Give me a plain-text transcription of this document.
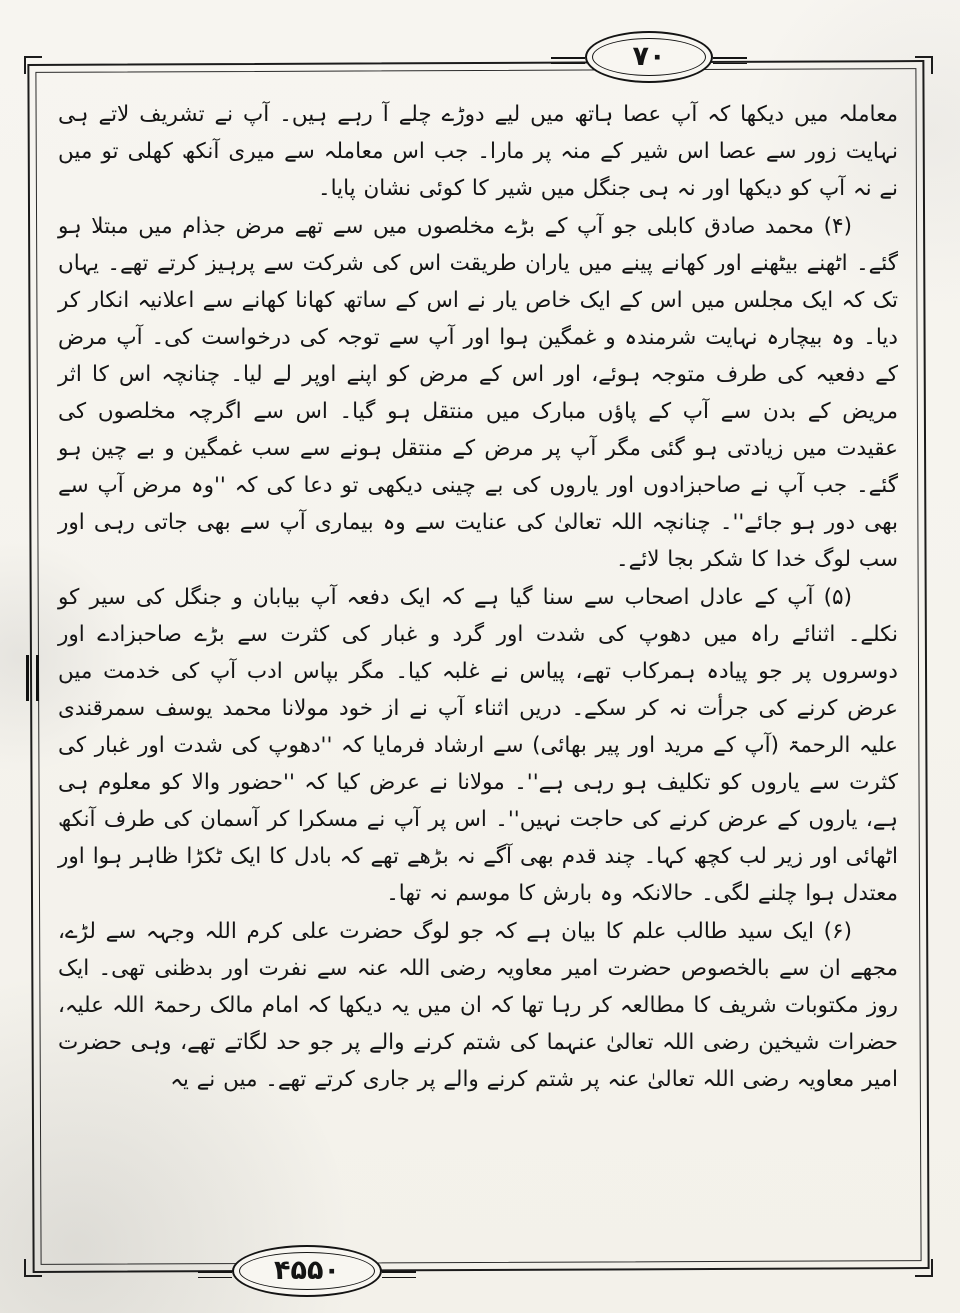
۷۰

معاملہ میں دیکھا کہ آپ عصا ہاتھ میں لیے دوڑے چلے آ رہے ہیں۔ آپ نے تشریف لاتے ہی نہایت زور سے عصا اس شیر کے منہ پر مارا۔ جب اس معاملہ سے میری آنکھ کھلی تو میں نے نہ آپ کو دیکھا اور نہ ہی جنگل میں شیر کا کوئی نشان پایا۔

(۴) محمد صادق کابلی جو آپ کے بڑے مخلصوں میں سے تھے مرض جذام میں مبتلا ہو گئے۔ اٹھنے بیٹھنے اور کھانے پینے میں یاران طریقت اس کی شرکت سے پرہیز کرتے تھے۔ یہاں تک کہ ایک مجلس میں اس کے ایک خاص یار نے اس کے ساتھ کھانا کھانے سے اعلانیہ انکار کر دیا۔ وہ بیچارہ نہایت شرمندہ و غمگین ہوا اور آپ سے توجہ کی درخواست کی۔ آپ مرض کے دفعیہ کی طرف متوجہ ہوئے، اور اس کے مرض کو اپنے اوپر لے لیا۔ چنانچہ اس کا اثر مریض کے بدن سے آپ کے پاؤں مبارک میں منتقل ہو گیا۔ اس سے اگرچہ مخلصوں کی عقیدت میں زیادتی ہو گئی مگر آپ پر مرض کے منتقل ہونے سے سب غمگین و بے چین ہو گئے۔ جب آپ نے صاحبزادوں اور یاروں کی بے چینی دیکھی تو دعا کی کہ ''وہ مرض آپ سے بھی دور ہو جائے''۔ چنانچہ اللہ تعالیٰ کی عنایت سے وہ بیماری آپ سے بھی جاتی رہی اور سب لوگ خدا کا شکر بجا لائے۔

(۵) آپ کے عادل اصحاب سے سنا گیا ہے کہ ایک دفعہ آپ بیابان و جنگل کی سیر کو نکلے۔ اثنائے راہ میں دھوپ کی شدت اور گرد و غبار کی کثرت سے بڑے صاحبزادے اور دوسروں پر جو پیادہ ہمرکاب تھے، پیاس نے غلبہ کیا۔ مگر بپاس ادب آپ کی خدمت میں عرض کرنے کی جرأت نہ کر سکے۔ دریں اثناء آپ نے از خود مولانا محمد یوسف سمرقندی علیہ الرحمۃ (آپ کے مرید اور پیر بھائی) سے ارشاد فرمایا کہ ''دھوپ کی شدت اور غبار کی کثرت سے یاروں کو تکلیف ہو رہی ہے''۔ مولانا نے عرض کیا کہ ''حضور والا کو معلوم ہی ہے، یاروں کے عرض کرنے کی حاجت نہیں''۔ اس پر آپ نے مسکرا کر آسمان کی طرف آنکھ اٹھائی اور زیر لب کچھ کہا۔ چند قدم بھی آگے نہ بڑھے تھے کہ بادل کا ایک ٹکڑا ظاہر ہوا اور معتدل ہوا چلنے لگی۔ حالانکہ وہ بارش کا موسم نہ تھا۔

(۶) ایک سید طالب علم کا بیان ہے کہ جو لوگ حضرت علی کرم اللہ وجہہ سے لڑے، مجھے ان سے بالخصوص حضرت امیر معاویہ رضی اللہ عنہ سے نفرت اور بدظنی تھی۔ ایک روز مکتوبات شریف کا مطالعہ کر رہا تھا کہ ان میں یہ دیکھا کہ امام مالک رحمۃ اللہ علیہ، حضرات شیخین رضی اللہ تعالیٰ عنہما کی شتم کرنے والے پر جو حد لگاتے تھے، وہی حضرت امیر معاویہ رضی اللہ تعالیٰ عنہ پر شتم کرنے والے پر جاری کرتے تھے۔ میں نے یہ

۴۵۵۰
